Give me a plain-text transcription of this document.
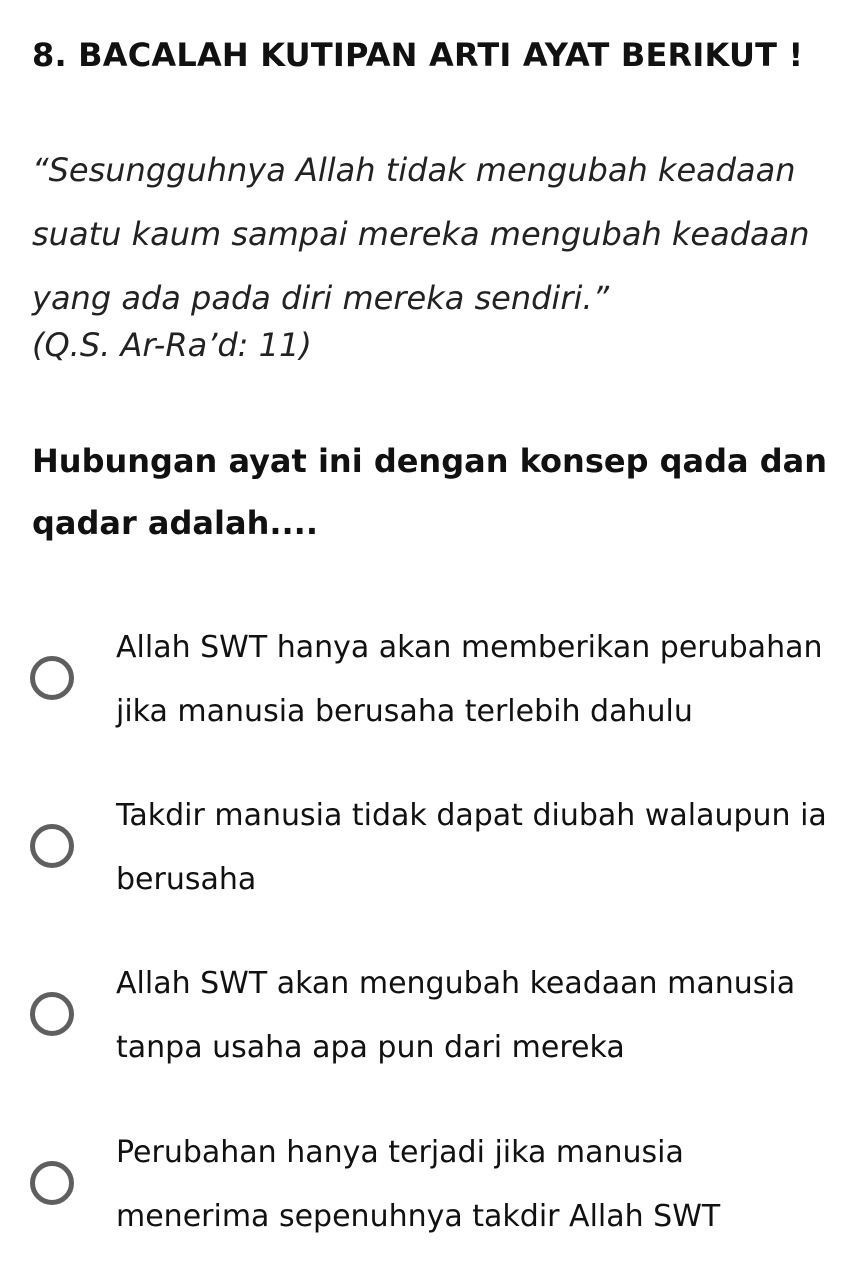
8. BACALAH KUTIPAN ARTI AYAT BERIKUT !
“Sesungguhnya Allah tidak mengubah keadaan suatu kaum sampai mereka mengubah keadaan yang ada pada diri mereka sendiri.”
(Q.S. Ar-Ra’d: 11)
Hubungan ayat ini dengan konsep qada dan qadar adalah....
Allah SWT hanya akan memberikan perubahan jika manusia berusaha terlebih dahulu
Takdir manusia tidak dapat diubah walaupun ia berusaha
Allah SWT akan mengubah keadaan manusia tanpa usaha apa pun dari mereka
Perubahan hanya terjadi jika manusia menerima sepenuhnya takdir Allah SWT
